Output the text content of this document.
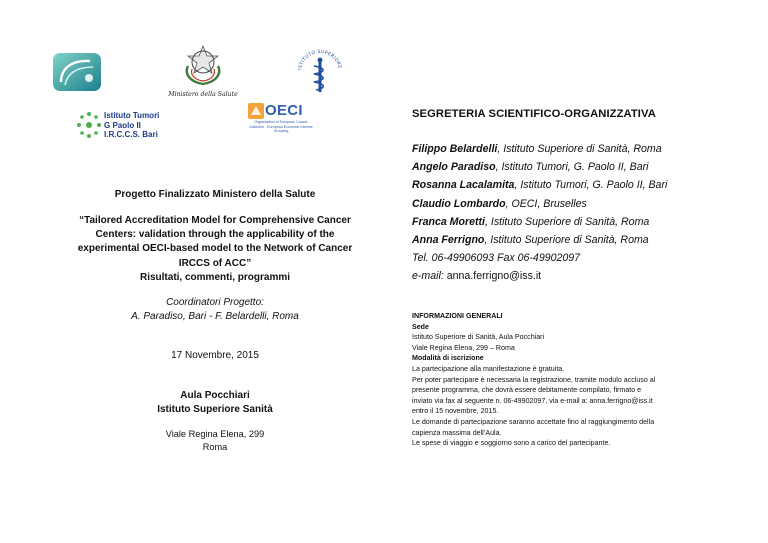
Ministero della Salute
ISTITUTO SUPERIORE
Istituto Tumori
G Paolo II
I.R.C.C.S. Bari
OECI
Organisation of European Cancer Institutes · European Economic Interest Grouping
Progetto Finalizzato Ministero della Salute
“Tailored Accreditation Model for Comprehensive Cancer
Centers: validation through the applicability of the
experimental OECI-based model to the Network of Cancer
IRCCS of ACC”
Risultati, commenti, programmi
Coordinatori Progetto:
A. Paradiso, Bari - F. Belardelli, Roma
17 Novembre, 2015
Aula Pocchiari
Istituto Superiore Sanità
Viale Regina Elena, 299
Roma
SEGRETERIA SCIENTIFICO-ORGANIZZATIVA
Filippo Belardelli, Istituto Superiore di Sanità, Roma
Angelo Paradiso, Istituto Tumori, G. Paolo II, Bari
Rosanna Lacalamita, Istituto Tumori, G. Paolo II, Bari
Claudio Lombardo, OECI, Bruselles
Franca Moretti, Istituto Superiore di Sanità, Roma
Anna Ferrigno, Istituto Superiore di Sanità, Roma
Tel. 06-49906093 Fax 06-49902097
e-mail: anna.ferrigno@iss.it
INFORMAZIONI GENERALI
Sede
Istituto Superiore di Sanità, Aula Pocchiari
Viale Regina Elena, 299 – Roma
Modalità di iscrizione
La partecipazione alla manifestazione è gratuita.
Per poter partecipare è necessaria la registrazione, tramite modulo accluso al
presente programma, che dovrà essere debitamente compilato, firmato e
inviato via fax al seguente n. 06-49902097, via e-mail a: anna.ferrigno@iss.it
entro il 15 novembre, 2015.
Le domande di partecipazione saranno accettate fino al raggiungimento della
capienza massima dell’Aula.
Le spese di viaggio e soggiorno sono a carico del partecipante.
